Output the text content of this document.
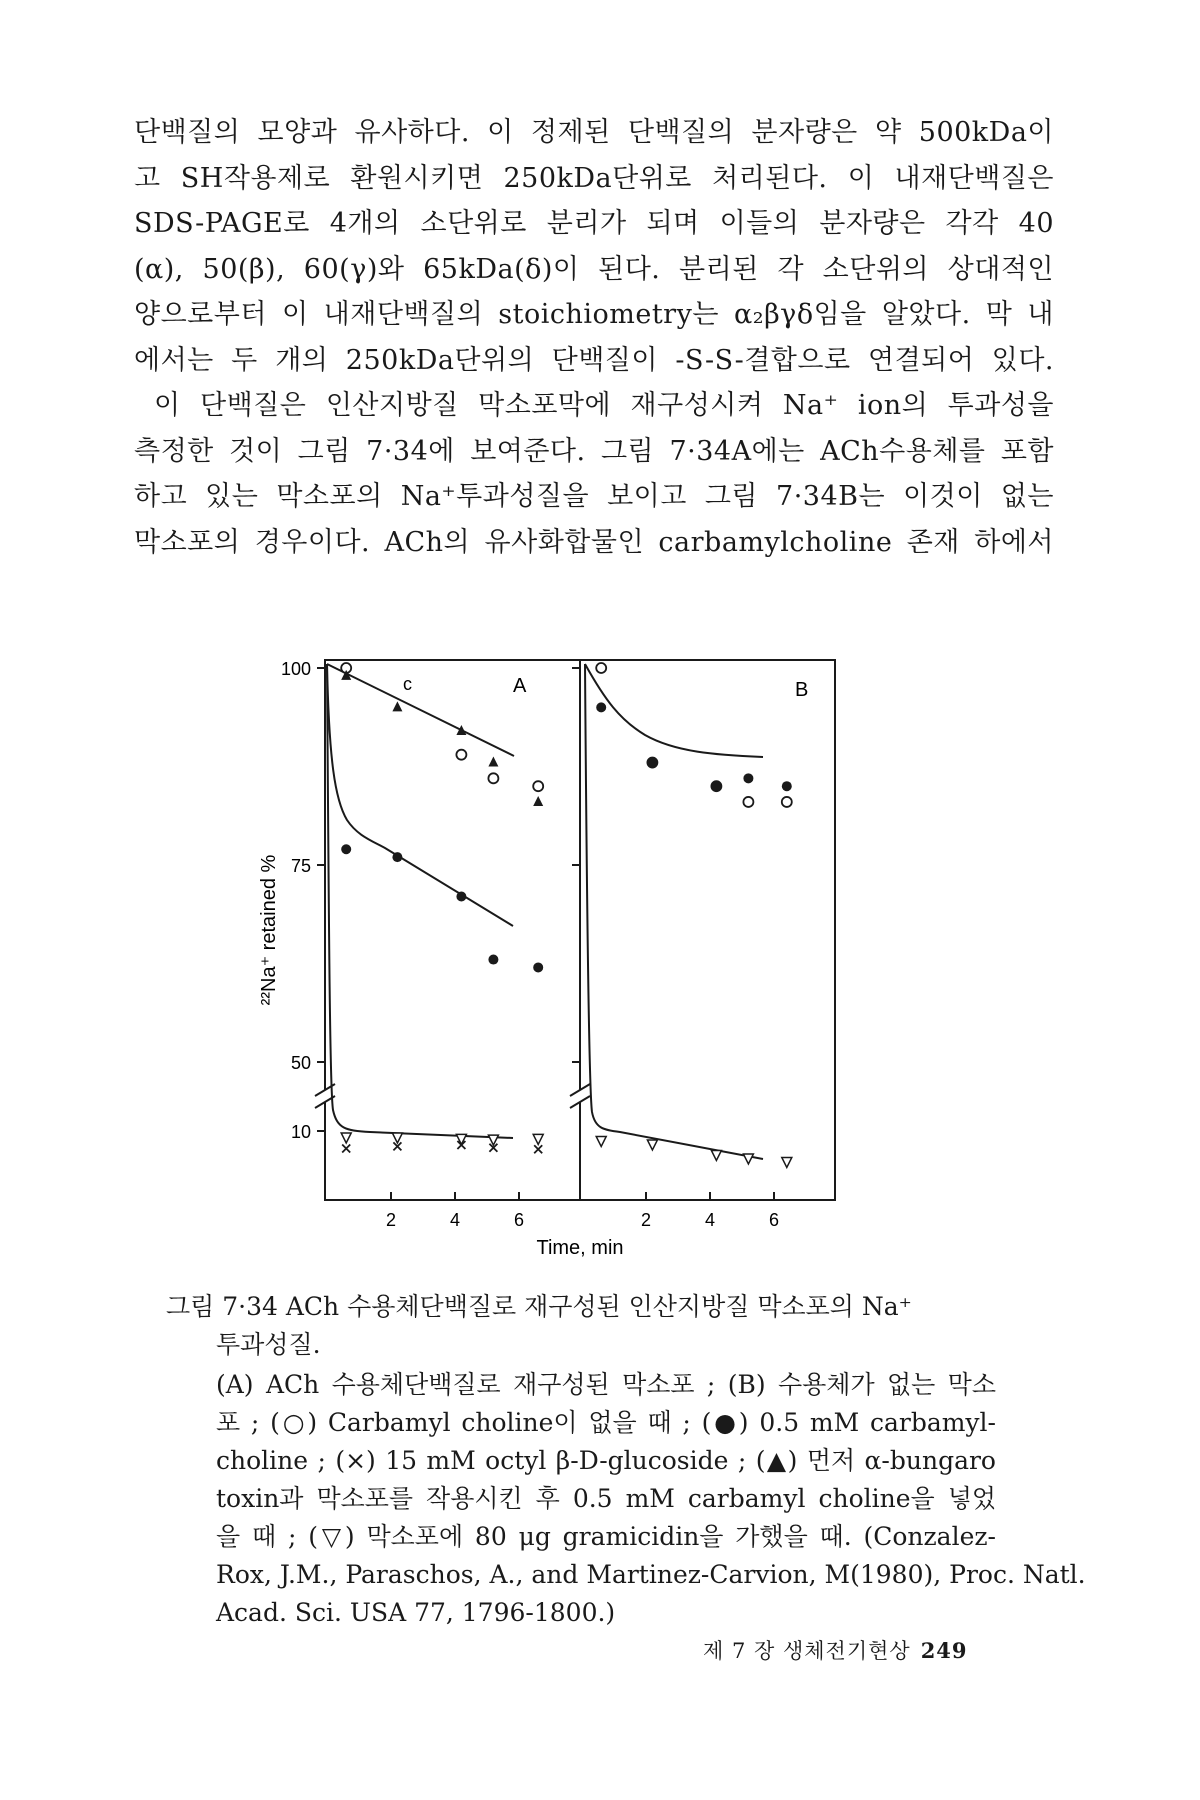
단백질의 모양과 유사하다. 이 정제된 단백질의 분자량은 약 500kDa이
고 SH작용제로 환원시키면 250kDa단위로 처리된다. 이 내재단백질은
SDS-PAGE로 4개의 소단위로 분리가 되며 이들의 분자량은 각각 40
(α), 50(β), 60(γ)와 65kDa(δ)이 된다. 분리된 각 소단위의 상대적인
양으로부터 이 내재단백질의 stoichiometry는 α₂βγδ임을 알았다. 막 내
에서는 두 개의 250kDa단위의 단백질이 -S-S-결합으로 연결되어 있다.
이 단백질은 인산지방질 막소포막에 재구성시켜 Na⁺ ion의 투과성을
측정한 것이 그림 7·34에 보여준다. 그림 7·34A에는 ACh수용체를 포함
하고 있는 막소포의 Na⁺투과성질을 보이고 그림 7·34B는 이것이 없는
막소포의 경우이다. ACh의 유사화합물인 carbamylcholine 존재 하에서
100
75
50
10
²²Na⁺ retained %
Time, min
A	B
c
2	4	6	2	4	6
그림 7·34 ACh 수용체단백질로 재구성된 인산지방질 막소포의 Na⁺
투과성질.
(A) ACh 수용체단백질로 재구성된 막소포 ; (B) 수용체가 없는 막소
포 ; (○) Carbamyl choline이 없을 때 ; (●) 0.5 mM carbamyl-
choline ; (×) 15 mM octyl β-D-glucoside ; (▲) 먼저 α-bungaro
toxin과 막소포를 작용시킨 후 0.5 mM carbamyl choline을 넣었
을 때 ; (▽) 막소포에 80 μg gramicidin을 가했을 때. (Conzalez-
Rox, J.M., Paraschos, A., and Martinez-Carvion, M(1980), Proc. Natl.
Acad. Sci. USA 77, 1796-1800.)
제 7 장 생체전기현상 249
